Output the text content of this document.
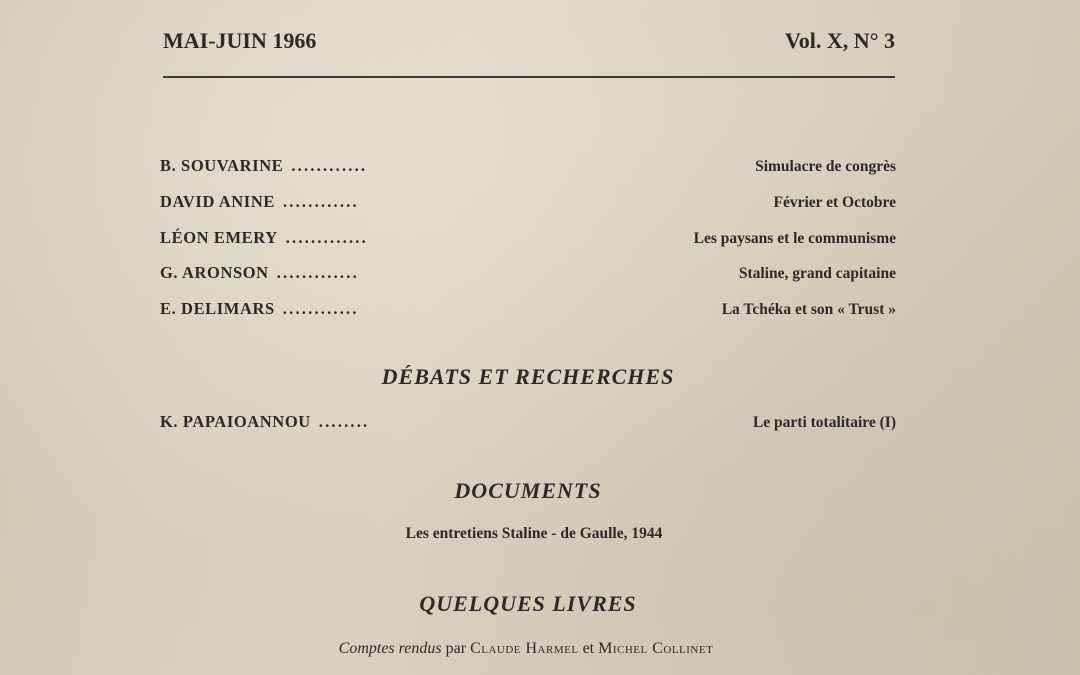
MAI-JUIN 1966	Vol. X, N° 3
B. SOUVARINE ............	Simulacre de congrès
DAVID ANINE ............	Février et Octobre
LÉON EMERY .............	Les paysans et le communisme
G. ARONSON .............	Staline, grand capitaine
E. DELIMARS ............	La Tchéka et son « Trust »
DÉBATS ET RECHERCHES
K. PAPAIOANNOU ........	Le parti totalitaire (I)
DOCUMENTS
Les entretiens Staline - de Gaulle, 1944
QUELQUES LIVRES
Comptes rendus par Claude Harmel et Michel Collinet
